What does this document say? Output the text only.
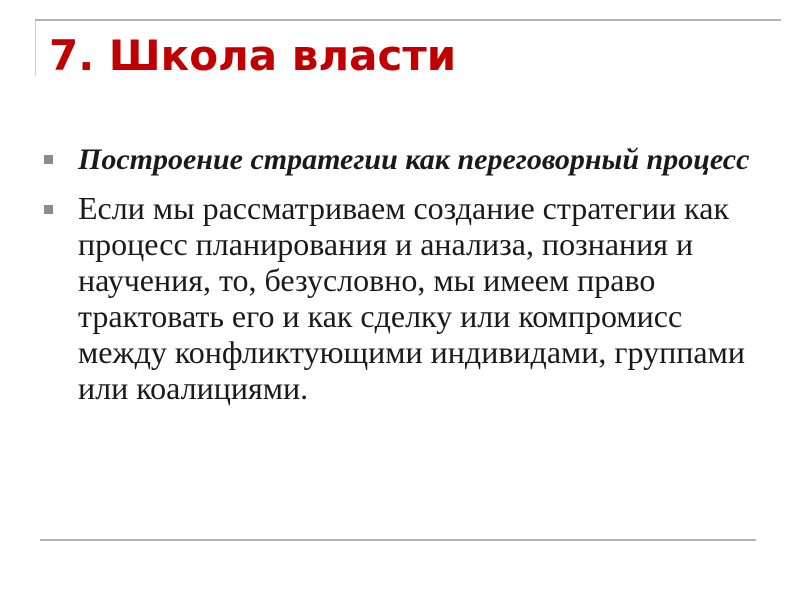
7. Школа власти
Построение стратегии как переговорный процесс
Если мы рассматриваем создание стратегии как процесс планирования и анализа, познания и научения, то, безусловно, мы имеем право трактовать его и как сделку или компромисс между конфликтующими индивидами, группами или коалициями.
